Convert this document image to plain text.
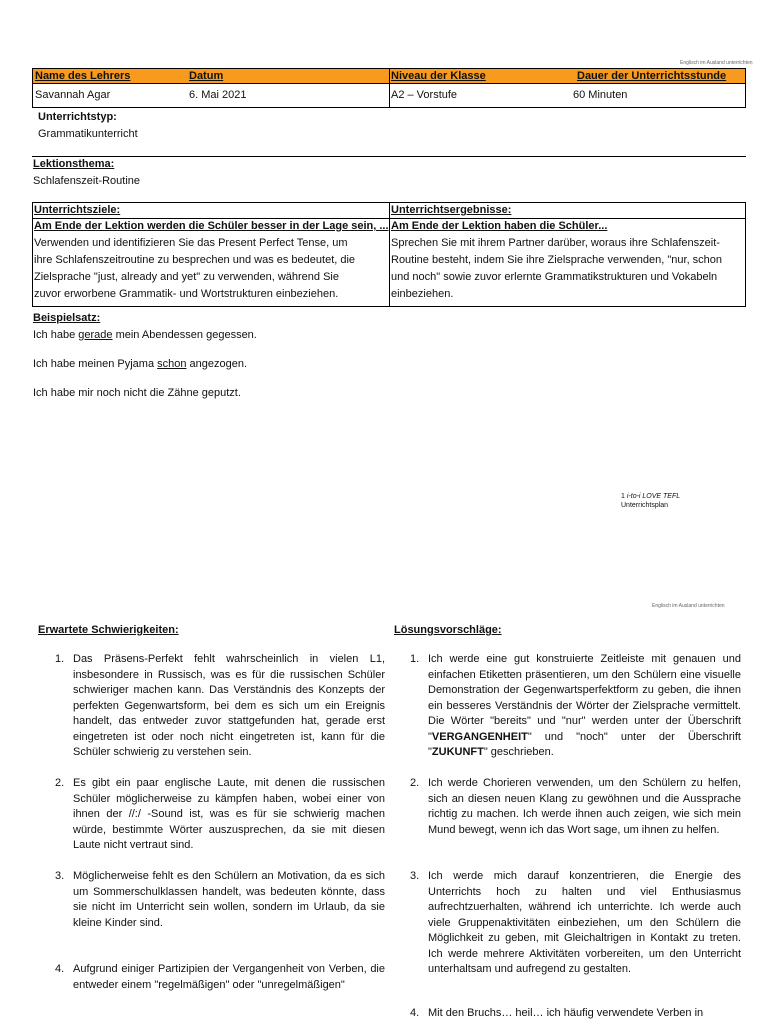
Englisch im Ausland unterrichten
Name des Lehrers	Datum	Niveau der Klasse	Dauer der Unterrichtsstunde
Savannah Agar	6. Mai 2021	A2 – Vorstufe	60 Minuten
Unterrichtstyp:
Grammatikunterricht
Lektionsthema:
Schlafenszeit-Routine
Unterrichtsziele:
Am Ende der Lektion werden die Schüler besser in der Lage sein, ...
Verwenden und identifizieren Sie das Present Perfect Tense, um
ihre Schlafenszeitroutine zu besprechen und was es bedeutet, die
Zielsprache "just, already and yet" zu verwenden, während Sie
zuvor erworbene Grammatik- und Wortstrukturen einbeziehen.
Unterrichtsergebnisse:
Am Ende der Lektion haben die Schüler...
Sprechen Sie mit ihrem Partner darüber, woraus ihre Schlafenszeit-
Routine besteht, indem Sie ihre Zielsprache verwenden, "nur, schon
und noch" sowie zuvor erlernte Grammatikstrukturen und Vokabeln
einbeziehen.
Beispielsatz:
Ich habe gerade mein Abendessen gegessen.
Ich habe meinen Pyjama schon angezogen.
Ich habe mir noch nicht die Zähne geputzt.
1 i-to-i LOVE TEFL
Unterrichtsplan
Englisch im Ausland unterrichten
Erwartete Schwierigkeiten:
1. Das Präsens-Perfekt fehlt wahrscheinlich in vielen L1, insbesondere in Russisch, was es für die russischen Schüler schwieriger machen kann. Das Verständnis des Konzepts der perfekten Gegenwartsform, bei dem es sich um ein Ereignis handelt, das entweder zuvor stattgefunden hat, gerade erst eingetreten ist oder noch nicht eingetreten ist, kann für die Schüler schwierig zu verstehen sein.
2. Es gibt ein paar englische Laute, mit denen die russischen Schüler möglicherweise zu kämpfen haben, wobei einer von ihnen der //:/ -Sound ist, was es für sie schwierig machen würde, bestimmte Wörter auszusprechen, da sie mit diesen Laute nicht vertraut sind.
3. Möglicherweise fehlt es den Schülern an Motivation, da es sich um Sommerschulklassen handelt, was bedeuten könnte, dass sie nicht im Unterricht sein wollen, sondern im Urlaub, da sie kleine Kinder sind.
4. Aufgrund einiger Partizipien der Vergangenheit von Verben, die entweder einem "regelmäßigen" oder "unregelmäßigen"
Lösungsvorschläge:
1. Ich werde eine gut konstruierte Zeitleiste mit genauen und einfachen Etiketten präsentieren, um den Schülern eine visuelle Demonstration der Gegenwartsperfektform zu geben, die ihnen ein besseres Verständnis der Wörter der Zielsprache vermittelt. Die Wörter "bereits" und "nur" werden unter der Überschrift "VERGANGENHEIT" und "noch" unter der Überschrift "ZUKUNFT" geschrieben.
2. Ich werde Chorieren verwenden, um den Schülern zu helfen, sich an diesen neuen Klang zu gewöhnen und die Aussprache richtig zu machen. Ich werde ihnen auch zeigen, wie sich mein Mund bewegt, wenn ich das Wort sage, um ihnen zu helfen.
3. Ich werde mich darauf konzentrieren, die Energie des Unterrichts hoch zu halten und viel Enthusiasmus aufrechtzuerhalten, während ich unterrichte. Ich werde auch viele Gruppenaktivitäten einbeziehen, um den Schülern die Möglichkeit zu geben, mit Gleichaltrigen in Kontakt zu treten. Ich werde mehrere Aktivitäten vorbereiten, um den Unterricht unterhaltsam und aufregend zu gestalten.
4. Mit den Bruchs… heil… ich häufig verwendete Verben in
